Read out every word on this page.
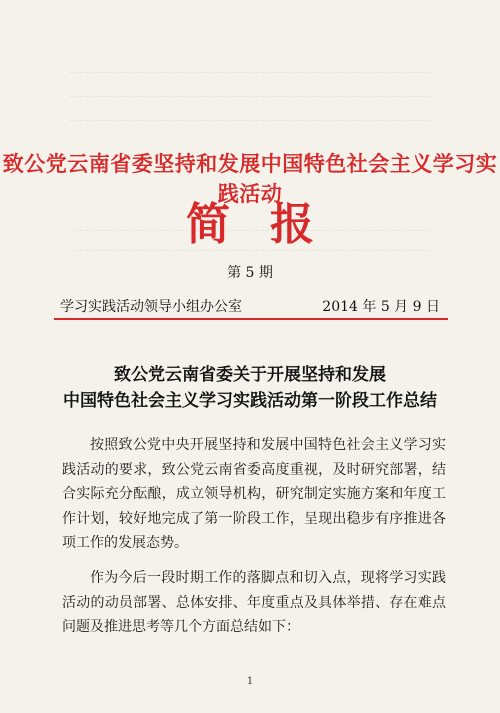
致公党云南省委坚持和发展中国特色社会主义学习实践活动
简报
第 5 期
学习实践活动领导小组办公室	2014 年 5 月 9 日
致公党云南省委关于开展坚持和发展
中国特色社会主义学习实践活动第一阶段工作总结

按照致公党中央开展坚持和发展中国特色社会主义学习实践活动的要求，致公党云南省委高度重视，及时研究部署，结合实际充分酝酿，成立领导机构，研究制定实施方案和年度工作计划，较好地完成了第一阶段工作，呈现出稳步有序推进各项工作的发展态势。

作为今后一段时期工作的落脚点和切入点，现将学习实践活动的动员部署、总体安排、年度重点及具体举措、存在难点问题及推进思考等几个方面总结如下：

1
